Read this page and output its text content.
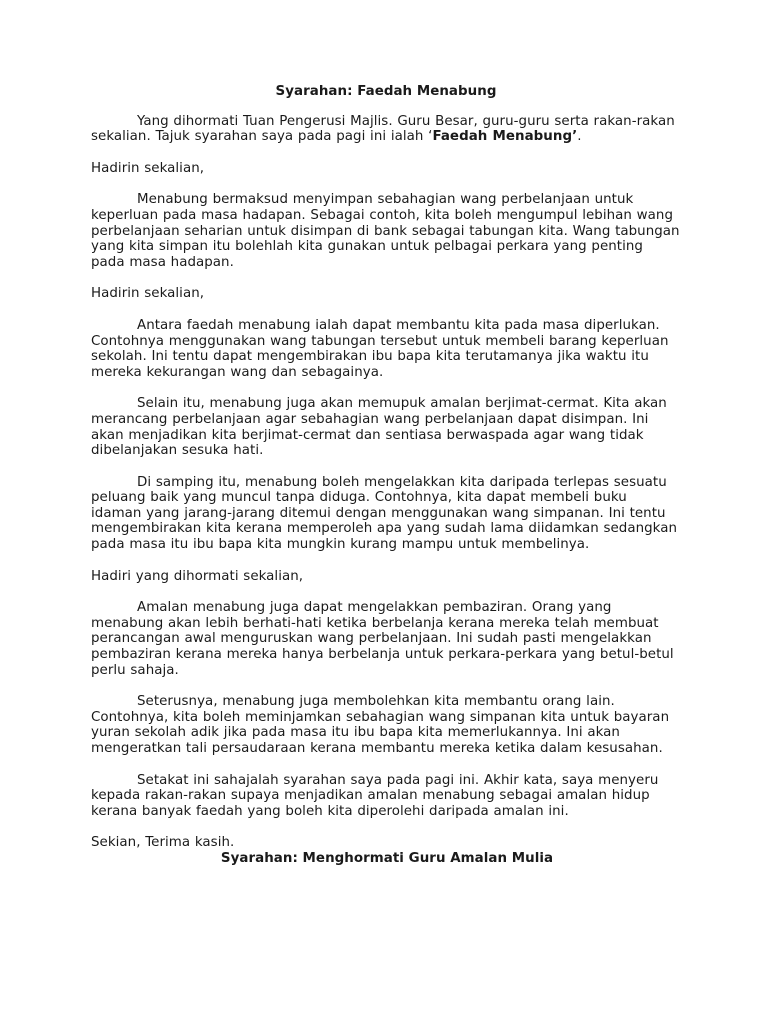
Syarahan: Faedah Menabung

Yang dihormati Tuan Pengerusi Majlis. Guru Besar, guru-guru serta rakan-rakan sekalian. Tajuk syarahan saya pada pagi ini ialah ‘Faedah Menabung’.

Hadirin sekalian,

Menabung bermaksud menyimpan sebahagian wang perbelanjaan untuk keperluan pada masa hadapan. Sebagai contoh, kita boleh mengumpul lebihan wang perbelanjaan seharian untuk disimpan di bank sebagai tabungan kita. Wang tabungan yang kita simpan itu bolehlah kita gunakan untuk pelbagai perkara yang penting pada masa hadapan.

Hadirin sekalian,

Antara faedah menabung ialah dapat membantu kita pada masa diperlukan. Contohnya menggunakan wang tabungan tersebut untuk membeli barang keperluan sekolah. Ini tentu dapat mengembirakan ibu bapa kita terutamanya jika waktu itu mereka kekurangan wang dan sebagainya.

Selain itu, menabung juga akan memupuk amalan berjimat-cermat. Kita akan merancang perbelanjaan agar sebahagian wang perbelanjaan dapat disimpan. Ini akan menjadikan kita berjimat-cermat dan sentiasa berwaspada agar wang tidak dibelanjakan sesuka hati.

Di samping itu, menabung boleh mengelakkan kita daripada terlepas sesuatu peluang baik yang muncul tanpa diduga. Contohnya, kita dapat membeli buku idaman yang jarang-jarang ditemui dengan menggunakan wang simpanan. Ini tentu mengembirakan kita kerana memperoleh apa yang sudah lama diidamkan sedangkan pada masa itu ibu bapa kita mungkin kurang mampu untuk membelinya.

Hadiri yang dihormati sekalian,

Amalan menabung juga dapat mengelakkan pembaziran. Orang yang menabung akan lebih berhati-hati ketika berbelanja kerana mereka telah membuat perancangan awal menguruskan wang perbelanjaan. Ini sudah pasti mengelakkan pembaziran kerana mereka hanya berbelanja untuk perkara-perkara yang betul-betul perlu sahaja.

Seterusnya, menabung juga membolehkan kita membantu orang lain. Contohnya, kita boleh meminjamkan sebahagian wang simpanan kita untuk bayaran yuran sekolah adik jika pada masa itu ibu bapa kita memerlukannya. Ini akan mengeratkan tali persaudaraan kerana membantu mereka ketika dalam kesusahan.

Setakat ini sahajalah syarahan saya pada pagi ini. Akhir kata, saya menyeru kepada rakan-rakan supaya menjadikan amalan menabung sebagai amalan hidup kerana banyak faedah yang boleh kita diperolehi daripada amalan ini.

Sekian, Terima kasih.

Syarahan: Menghormati Guru Amalan Mulia
